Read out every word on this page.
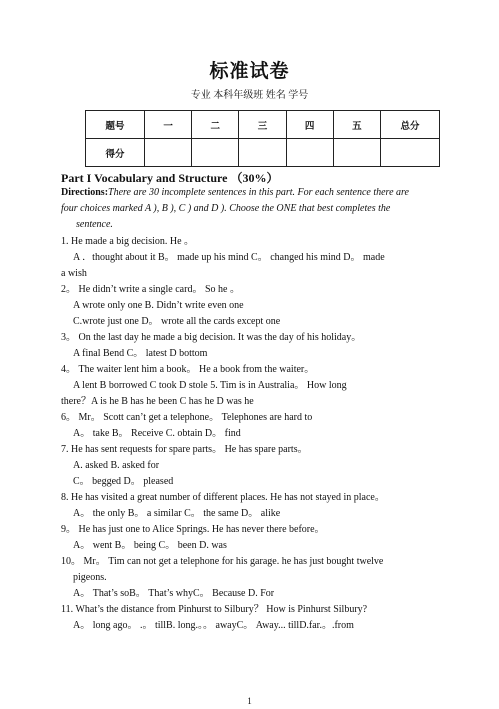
标准试卷
专业 本科年级班 姓名 学号
题号	一	二	三	四	五	总分
得分						
Part I Vocabulary and Structure （30%）
Directions:There are 30 incomplete sentences in this part. For each sentence there are
four choices marked A ), B ), C ) and D ). Choose the ONE that best completes the
sentence.
1. He made a big decision. He 。
A ．thought about it B。 made up his mind C。 changed his mind D。 made
a wish
2。 He didn’t write a single card。 So he 。
A wrote only one B. Didn’t write even one
C.wrote just one D。 wrote all the cards except one
3。 On the last day he made a big decision. It was the day of his holiday。
A final Bend C。 latest D bottom
4。 The waiter lent him a book。 He a book from the waiter。
A lent B borrowed C took D stole 5. Tim is in Australia。 How long
there？A is he B has he been C has he D was he
6。 Mr。 Scott can’t get a telephone。 Telephones are hard to
A。 take B。 Receive C. obtain D。 find
7. He has sent requests for spare parts。 He has spare parts。
A. asked B. asked for
C。 begged D。 pleased
8. He has visited a great number of different places. He has not stayed in place。
A。 the only B。 a similar C。 the same D。 alike
9。 He has just one to Alice Springs. He has never there before。
A。 went B。 being C。 been D. was
10。 Mr。 Tim can not get a telephone for his garage. he has just bought twelve
pigeons.
A。 That’s soB。 That’s whyC。 Because D. For
11. What’s the distance from Pinhurst to Silbury？ How is Pinhurst Silbury?
A。 long ago。 .。 tillB. long.。。 awayC。 Away... tillD.far.。.from
1
